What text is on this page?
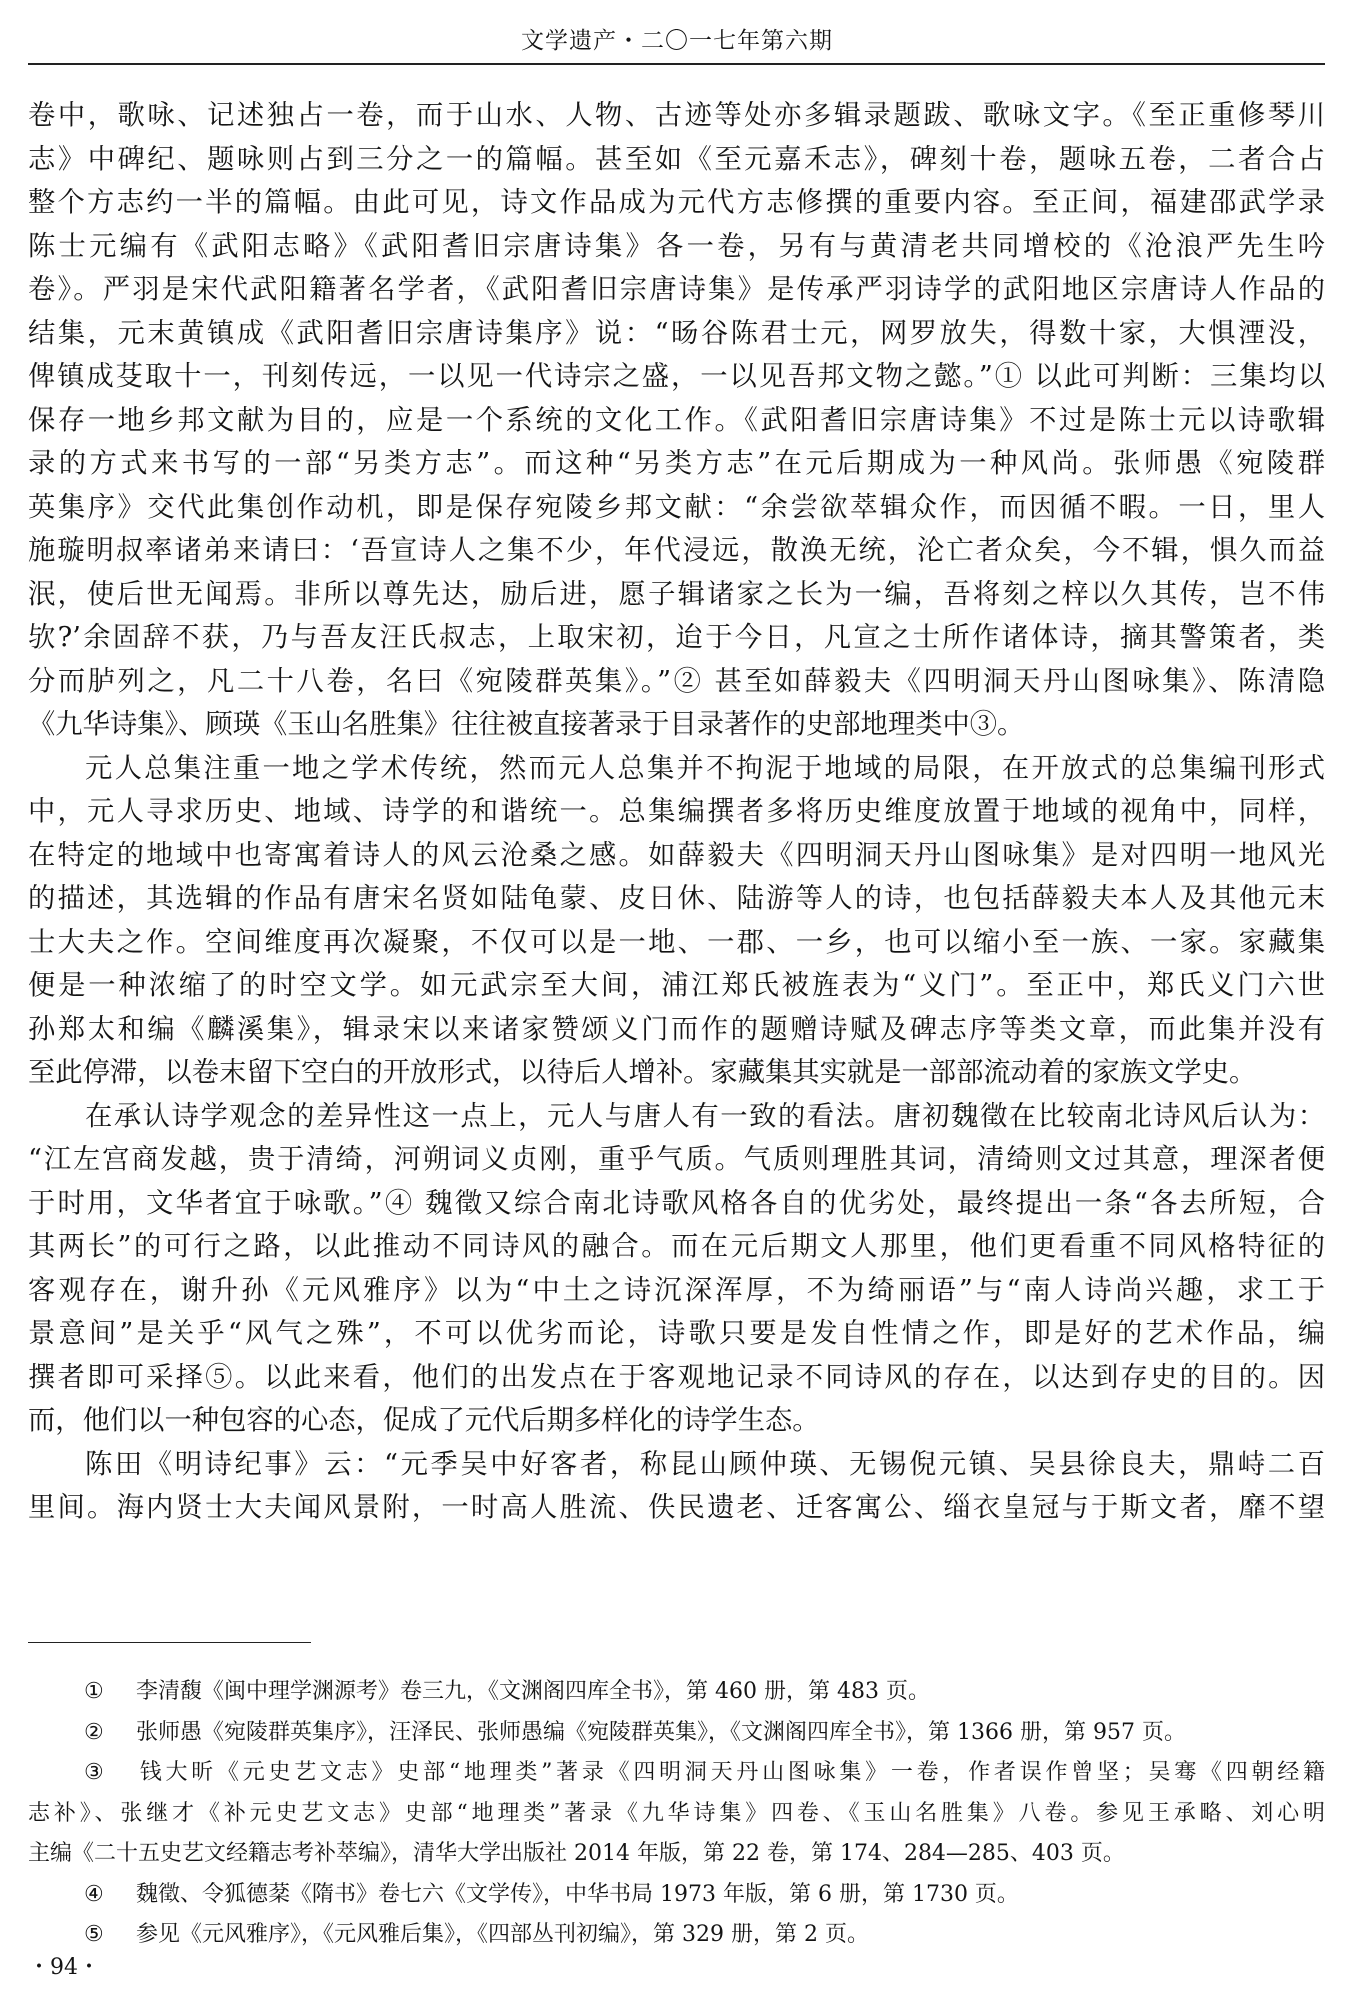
文学遗产・二〇一七年第六期
卷中，歌咏、记述独占一卷，而于山水、人物、古迹等处亦多辑录题跋、歌咏文字。《至正重修琴川
志》中碑纪、题咏则占到三分之一的篇幅。甚至如《至元嘉禾志》，碑刻十卷，题咏五卷，二者合占
整个方志约一半的篇幅。由此可见，诗文作品成为元代方志修撰的重要内容。至正间，福建邵武学录
陈士元编有《武阳志略》《武阳耆旧宗唐诗集》各一卷，另有与黄清老共同增校的《沧浪严先生吟
卷》。严羽是宋代武阳籍著名学者，《武阳耆旧宗唐诗集》是传承严羽诗学的武阳地区宗唐诗人作品的
结集，元末黄镇成《武阳耆旧宗唐诗集序》说：“旸谷陈君士元，网罗放失，得数十家，大惧湮没，
俾镇成芟取十一，刊刻传远，一以见一代诗宗之盛，一以见吾邦文物之懿。”① 以此可判断：三集均以
保存一地乡邦文献为目的，应是一个系统的文化工作。《武阳耆旧宗唐诗集》不过是陈士元以诗歌辑
录的方式来书写的一部“另类方志”。而这种“另类方志”在元后期成为一种风尚。张师愚《宛陵群
英集序》交代此集创作动机，即是保存宛陵乡邦文献：“余尝欲萃辑众作，而因循不暇。一日，里人
施璇明叔率诸弟来请曰：‘吾宣诗人之集不少，年代浸远，散涣无统，沦亡者众矣，今不辑，惧久而益
泯，使后世无闻焉。非所以尊先达，励后进，愿子辑诸家之长为一编，吾将刻之梓以久其传，岂不伟
欤?’余固辞不获，乃与吾友汪氏叔志，上取宋初，迨于今日，凡宣之士所作诸体诗，摘其警策者，类
分而胪列之，凡二十八卷，名曰《宛陵群英集》。”② 甚至如薛毅夫《四明洞天丹山图咏集》、陈清隐
《九华诗集》、顾瑛《玉山名胜集》往往被直接著录于目录著作的史部地理类中③。
元人总集注重一地之学术传统，然而元人总集并不拘泥于地域的局限，在开放式的总集编刊形式
中，元人寻求历史、地域、诗学的和谐统一。总集编撰者多将历史维度放置于地域的视角中，同样，
在特定的地域中也寄寓着诗人的风云沧桑之感。如薛毅夫《四明洞天丹山图咏集》是对四明一地风光
的描述，其选辑的作品有唐宋名贤如陆龟蒙、皮日休、陆游等人的诗，也包括薛毅夫本人及其他元末
士大夫之作。空间维度再次凝聚，不仅可以是一地、一郡、一乡，也可以缩小至一族、一家。家藏集
便是一种浓缩了的时空文学。如元武宗至大间，浦江郑氏被旌表为“义门”。至正中，郑氏义门六世
孙郑太和编《麟溪集》，辑录宋以来诸家赞颂义门而作的题赠诗赋及碑志序等类文章，而此集并没有
至此停滞，以卷末留下空白的开放形式，以待后人增补。家藏集其实就是一部部流动着的家族文学史。
在承认诗学观念的差异性这一点上，元人与唐人有一致的看法。唐初魏徵在比较南北诗风后认为：
“江左宫商发越，贵于清绮，河朔词义贞刚，重乎气质。气质则理胜其词，清绮则文过其意，理深者便
于时用，文华者宜于咏歌。”④ 魏徵又综合南北诗歌风格各自的优劣处，最终提出一条“各去所短，合
其两长”的可行之路，以此推动不同诗风的融合。而在元后期文人那里，他们更看重不同风格特征的
客观存在，谢升孙《元风雅序》以为“中土之诗沉深浑厚，不为绮丽语”与“南人诗尚兴趣，求工于
景意间”是关乎“风气之殊”，不可以优劣而论，诗歌只要是发自性情之作，即是好的艺术作品，编
撰者即可采择⑤。以此来看，他们的出发点在于客观地记录不同诗风的存在，以达到存史的目的。因
而，他们以一种包容的心态，促成了元代后期多样化的诗学生态。
陈田《明诗纪事》云：“元季吴中好客者，称昆山顾仲瑛、无锡倪元镇、吴县徐良夫，鼎峙二百
里间。海内贤士大夫闻风景附，一时高人胜流、佚民遗老、迁客寓公、缁衣皇冠与于斯文者，靡不望
① 李清馥《闽中理学渊源考》卷三九，《文渊阁四库全书》，第 460 册，第 483 页。
② 张师愚《宛陵群英集序》，汪泽民、张师愚编《宛陵群英集》，《文渊阁四库全书》，第 1366 册，第 957 页。
③ 钱大昕《元史艺文志》史部“地理类”著录《四明洞天丹山图咏集》一卷，作者误作曾坚；吴骞《四朝经籍
志补》、张继才《补元史艺文志》史部“地理类”著录《九华诗集》四卷、《玉山名胜集》八卷。参见王承略、刘心明
主编《二十五史艺文经籍志考补萃编》，清华大学出版社 2014 年版，第 22 卷，第 174、284—285、403 页。
④ 魏徵、令狐德棻《隋书》卷七六《文学传》，中华书局 1973 年版，第 6 册，第 1730 页。
⑤ 参见《元风雅序》，《元风雅后集》，《四部丛刊初编》，第 329 册，第 2 页。
・94・
